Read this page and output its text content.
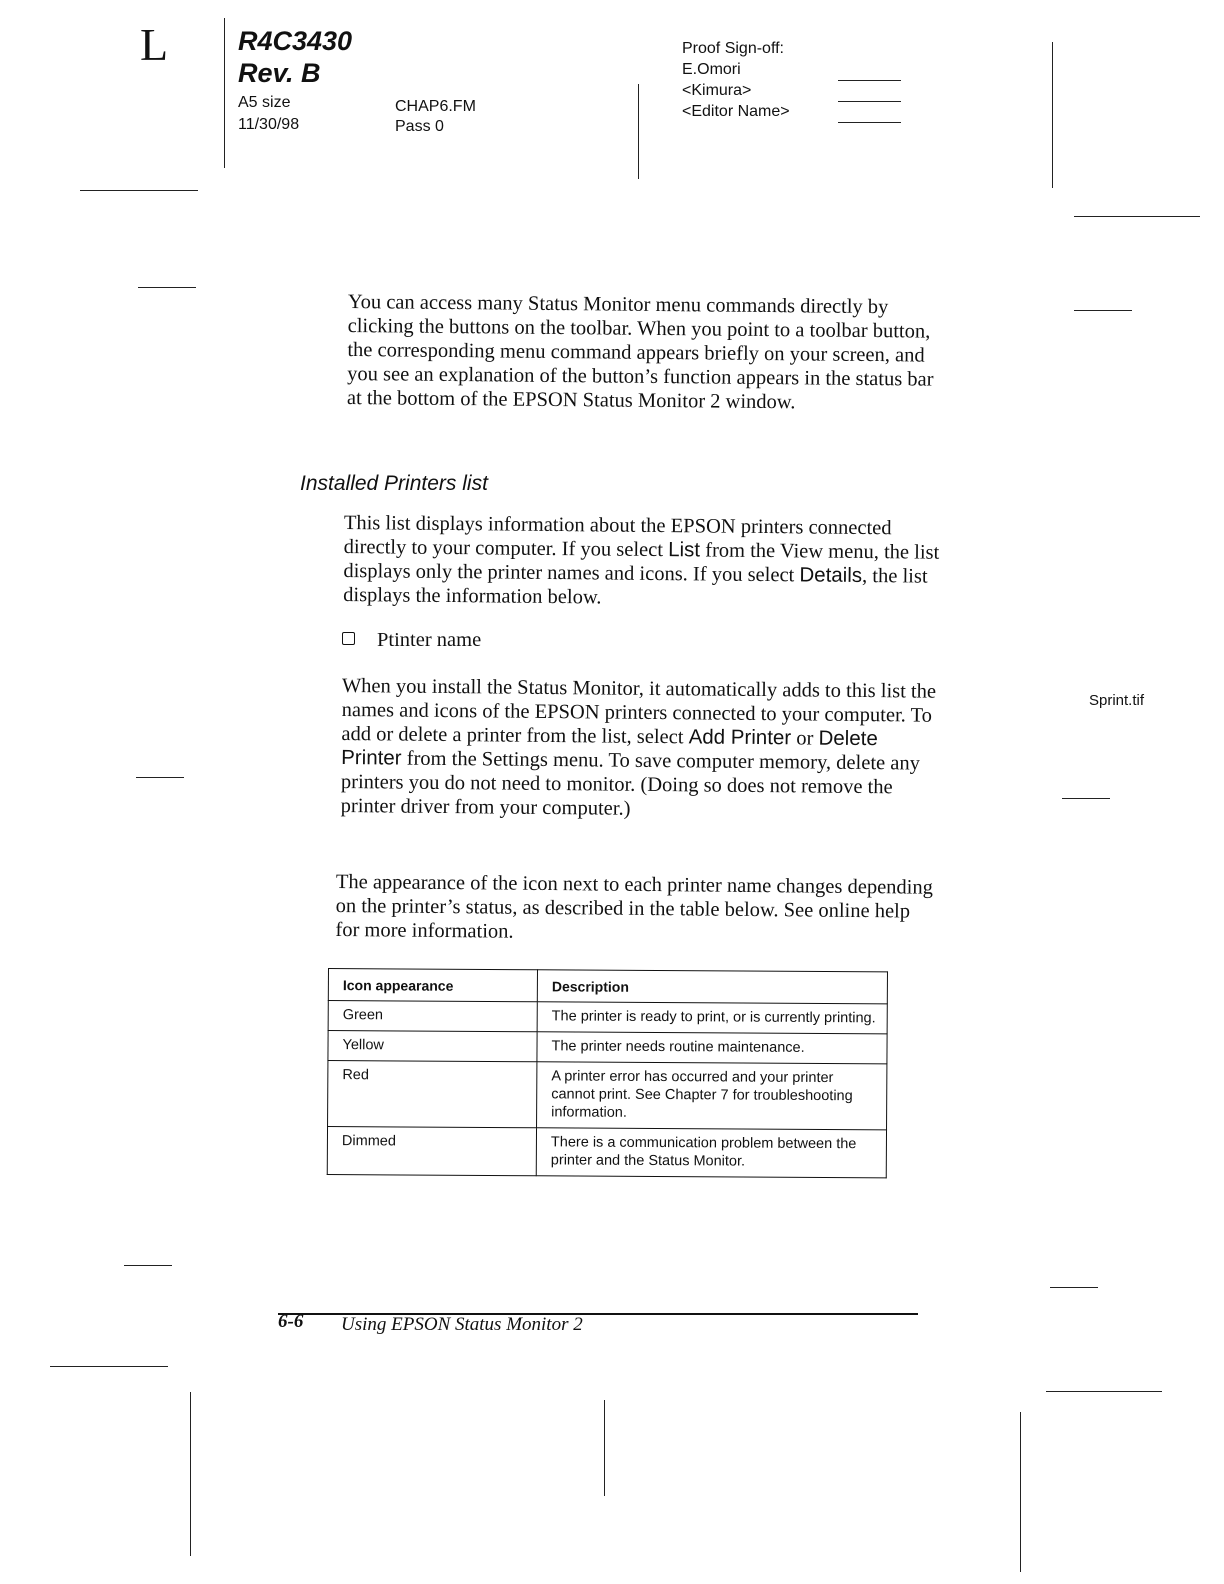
L	R4C3430
Rev. B
A5 size
11/30/98
CHAP6.FM
Pass 0
Proof Sign-off:
E.Omori
<Kimura>
<Editor Name>

You can access many Status Monitor menu commands directly by clicking the buttons on the toolbar. When you point to a toolbar button, the corresponding menu command appears briefly on your screen, and you see an explanation of the button’s function appears in the status bar at the bottom of the EPSON Status Monitor 2 window.

Installed Printers list

This list displays information about the EPSON printers connected directly to your computer. If you select List from the View menu, the list displays only the printer names and icons. If you select Details, the list displays the information below.

Ptinter name

When you install the Status Monitor, it automatically adds to this list the names and icons of the EPSON printers connected to your computer. To add or delete a printer from the list, select Add Printer or Delete Printer from the Settings menu. To save computer memory, delete any printers you do not need to monitor. (Doing so does not remove the printer driver from your computer.)

The appearance of the icon next to each printer name changes depending on the printer’s status, as described in the table below. See online help for more information.

Sprint.tif
Icon appearance	Description
Green	The printer is ready to print, or is currently printing.
Yellow	The printer needs routine maintenance.
Red	A printer error has occurred and your printer cannot print. See Chapter 7 for troubleshooting information.
Dimmed	There is a communication problem between the printer and the Status Monitor.
6-6 Using EPSON Status Monitor 2
